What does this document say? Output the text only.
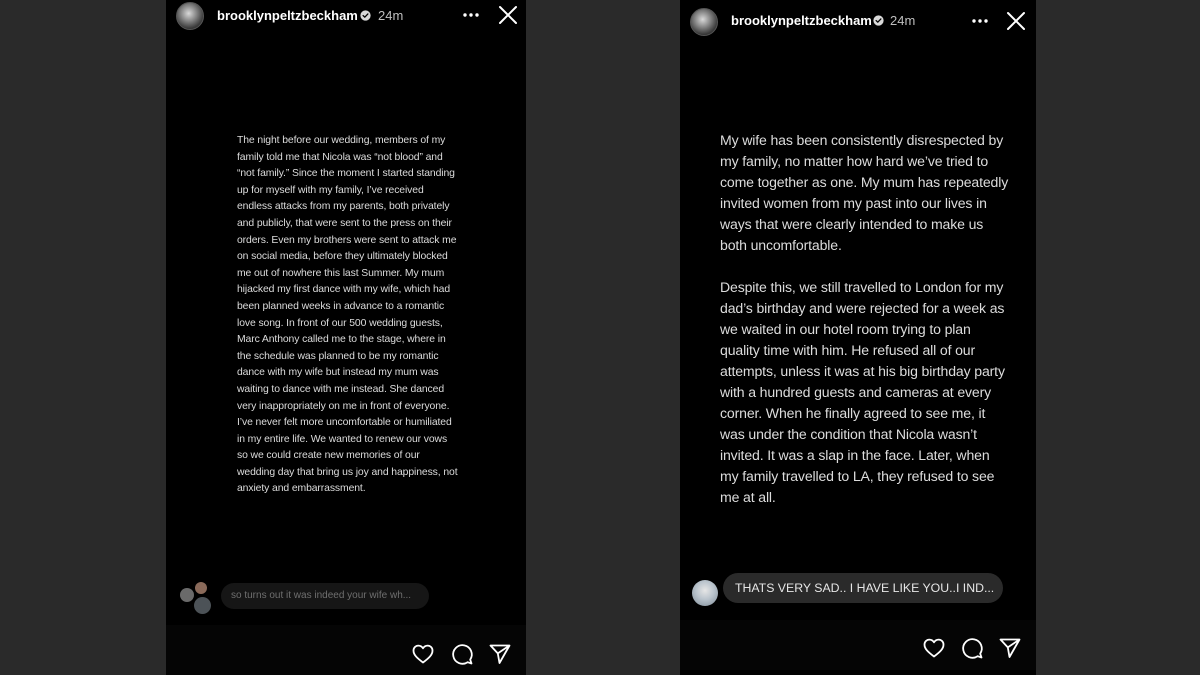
brooklynpeltzbeckham 24m

The night before our wedding, members of my family told me that Nicola was “not blood” and “not family.” Since the moment I started standing up for myself with my family, I’ve received endless attacks from my parents, both privately and publicly, that were sent to the press on their orders. Even my brothers were sent to attack me on social media, before they ultimately blocked me out of nowhere this last Summer. My mum hijacked my first dance with my wife, which had been planned weeks in advance to a romantic love song. In front of our 500 wedding guests, Marc Anthony called me to the stage, where in the schedule was planned to be my romantic dance with my wife but instead my mum was waiting to dance with me instead. She danced very inappropriately on me in front of everyone. I’ve never felt more uncomfortable or humiliated in my entire life. We wanted to renew our vows so we could create new memories of our wedding day that bring us joy and happiness, not anxiety and embarrassment.

so turns out it was indeed your wife wh...
brooklynpeltzbeckham 24m

My wife has been consistently disrespected by my family, no matter how hard we’ve tried to come together as one. My mum has repeatedly invited women from my past into our lives in ways that were clearly intended to make us both uncomfortable.

Despite this, we still travelled to London for my dad’s birthday and were rejected for a week as we waited in our hotel room trying to plan quality time with him. He refused all of our attempts, unless it was at his big birthday party with a hundred guests and cameras at every corner. When he finally agreed to see me, it was under the condition that Nicola wasn’t invited. It was a slap in the face. Later, when my family travelled to LA, they refused to see me at all.

THATS VERY SAD.. I HAVE LIKE YOU..I IND...
